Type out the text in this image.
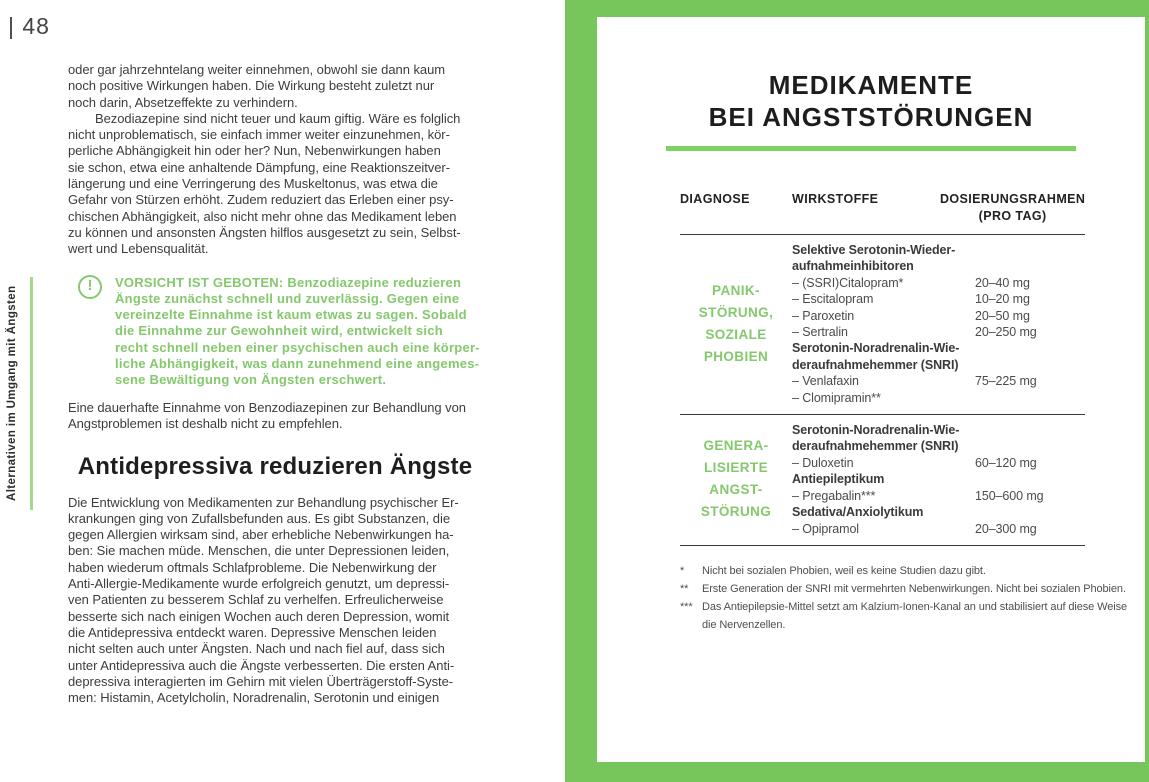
| 48
Alternativen im Umgang mit Ängsten
oder gar jahrzehntelang weiter einnehmen, obwohl sie dann kaum
noch positive Wirkungen haben. Die Wirkung besteht zuletzt nur
noch darin, Absetzeffekte zu verhindern.
Bezodiazepine sind nicht teuer und kaum giftig. Wäre es folglich
nicht unproblematisch, sie einfach immer weiter einzunehmen, kör-
perliche Abhängigkeit hin oder her? Nun, Nebenwirkungen haben
sie schon, etwa eine anhaltende Dämpfung, eine Reaktionszeitver-
längerung und eine Verringerung des Muskeltonus, was etwa die
Gefahr von Stürzen erhöht. Zudem reduziert das Erleben einer psy-
chischen Abhängigkeit, also nicht mehr ohne das Medikament leben
zu können und ansonsten Ängsten hilflos ausgesetzt zu sein, Selbst-
wert und Lebensqualität.
!	VORSICHT IST GEBOTEN: Benzodiazepine reduzieren
Ängste zunächst schnell und zuverlässig. Gegen eine
vereinzelte Einnahme ist kaum etwas zu sagen. Sobald
die Einnahme zur Gewohnheit wird, entwickelt sich
recht schnell neben einer psychischen auch eine körper-
liche Abhängigkeit, was dann zunehmend eine angemes-
sene Bewältigung von Ängsten erschwert.
Eine dauerhafte Einnahme von Benzodiazepinen zur Behandlung von
Angstproblemen ist deshalb nicht zu empfehlen.
Antidepressiva reduzieren Ängste
Die Entwicklung von Medikamenten zur Behandlung psychischer Er-
krankungen ging von Zufallsbefunden aus. Es gibt Substanzen, die
gegen Allergien wirksam sind, aber erhebliche Nebenwirkungen ha-
ben: Sie machen müde. Menschen, die unter Depressionen leiden,
haben wiederum oftmals Schlafprobleme. Die Nebenwirkung der
Anti-Allergie-Medikamente wurde erfolgreich genutzt, um depressi-
ven Patienten zu besserem Schlaf zu verhelfen. Erfreulicherweise
besserte sich nach einigen Wochen auch deren Depression, womit
die Antidepressiva entdeckt waren. Depressive Menschen leiden
nicht selten auch unter Ängsten. Nach und nach fiel auf, dass sich
unter Antidepressiva auch die Ängste verbesserten. Die ersten Anti-
depressiva interagierten im Gehirn mit vielen Überträgerstoff-Syste-
men: Histamin, Acetylcholin, Noradrenalin, Serotonin und einigen
MEDIKAMENTE
BEI ANGSTSTÖRUNGEN
DIAGNOSE	WIRKSTOFFE	DOSIERUNGSRAHMEN
(PRO TAG)
PANIK-
STÖRUNG,
SOZIALE
PHOBIEN
Selektive Serotonin-Wieder-
aufnahmeinhibitoren
– (SSRI)Citalopram*	20–40 mg
– Escitalopram	10–20 mg
– Paroxetin	20–50 mg
– Sertralin	20–250 mg
Serotonin-Noradrenalin-Wie-
deraufnahmehemmer (SNRI)
– Venlafaxin	75–225 mg
– Clomipramin**
GENERA-
LISIERTE
ANGST-
STÖRUNG
Serotonin-Noradrenalin-Wie-
deraufnahmehemmer (SNRI)
– Duloxetin	60–120 mg
Antiepileptikum
– Pregabalin***	150–600 mg
Sedativa/Anxiolytikum
– Opipramol	20–300 mg
*	Nicht bei sozialen Phobien, weil es keine Studien dazu gibt.
**	Erste Generation der SNRI mit vermehrten Nebenwirkungen. Nicht bei sozialen Phobien.
*** Das Antiepilepsie-Mittel setzt am Kalzium-Ionen-Kanal an und stabilisiert auf diese Weise
die Nervenzellen.
